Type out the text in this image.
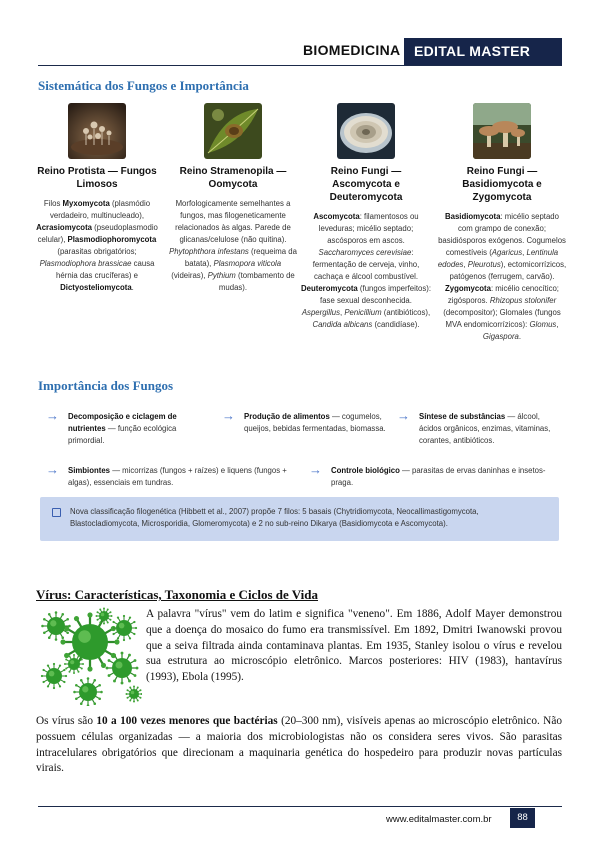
BIOMEDICINA EDITAL MASTER
Sistemática dos Fungos e Importância
Reino Protista — Fungos Limosos
Filos Myxomycota (plasmódio verdadeiro, multinucleado), Acrasiomycota (pseudoplasmodio celular), Plasmodiophoromycota (parasitas obrigatórios; Plasmodiophora brassicae causa hérnia das crucíferas) e Dictyosteliomycota.
Reino Stramenopila — Oomycota
Morfologicamente semelhantes a fungos, mas filogeneticamente relacionados às algas. Parede de glicanas/celulose (não quitina). Phytophthora infestans (requeima da batata), Plasmopora viticola (videiras), Pythium (tombamento de mudas).
Reino Fungi — Ascomycota e Deuteromycota
Ascomycota: filamentosos ou leveduras; micélio septado; ascósporos em ascos. Saccharomyces cerevisiae: fermentação de cerveja, vinho, cachaça e álcool combustível. Deuteromycota (fungos imperfeitos): fase sexual desconhecida. Aspergillus, Penicillium (antibióticos), Candida albicans (candidíase).
Reino Fungi — Basidiomycota e Zygomycota
Basidiomycota: micélio septado com grampo de conexão; basidiósporos exógenos. Cogumelos comestíveis (Agaricus, Lentinula edodes, Pleurotus), ectomicorrízicos, patógenos (ferrugem, carvão). Zygomycota: micélio cenocítico; zigósporos. Rhizopus stolonifer (decompositor); Glomales (fungos MVA endomicorrízicos): Glomus, Gigaspora.
Importância dos Fungos
→ Decomposição e ciclagem de nutrientes — função ecológica primordial.
→ Produção de alimentos — cogumelos, queijos, bebidas fermentadas, biomassa.
→ Síntese de substâncias — álcool, ácidos orgânicos, enzimas, vitaminas, corantes, antibióticos.
→ Simbiontes — micorrizas (fungos + raízes) e liquens (fungos + algas), essenciais em tundras.
→ Controle biológico — parasitas de ervas daninhas e insetos-praga.
Nova classificação filogenética (Hibbett et al., 2007) propõe 7 filos: 5 basais (Chytridiomycota, Neocallimastigomycota, Blastocladiomycota, Microsporidia, Glomeromycota) e 2 no sub-reino Dikarya (Basidiomycota e Ascomycota).
Vírus: Características, Taxonomia e Ciclos de Vida
A palavra "vírus" vem do latim e significa "veneno". Em 1886, Adolf Mayer demonstrou que a doença do mosaico do fumo era transmissível. Em 1892, Dmitri Iwanowski provou que a seiva filtrada ainda contaminava plantas. Em 1935, Stanley isolou o vírus e revelou sua estrutura ao microscópio eletrônico. Marcos posteriores: HIV (1983), hantavírus (1993), Ebola (1995).
Os vírus são 10 a 100 vezes menores que bactérias (20–300 nm), visíveis apenas ao microscópio eletrônico. Não possuem células organizadas — a maioria dos microbiologistas não os considera seres vivos. São parasitas intracelulares obrigatórios que direcionam a maquinaria genética do hospedeiro para produzir novas partículas virais.
www.editalmaster.com.br	88
